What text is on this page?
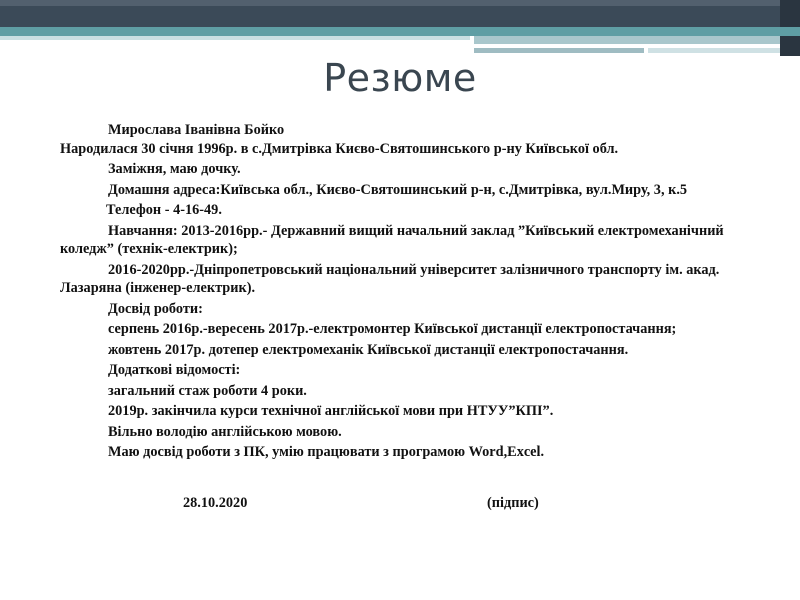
Резюме

Мирослава Іванівна Бойко

Народилася 30 січня 1996р. в с.Дмитрівка Києво-Святошинського р-ну Київської обл.

Заміжня, маю дочку.

Домашня адреса:Київська обл., Києво-Святошинський р-н, с.Дмитрівка, вул.Миру, 3, к.5

Телефон - 4-16-49.

Навчання: 2013-2016рр.- Державний вищий начальний заклад ”Київський електромеханічний коледж” (технік-електрик);

2016-2020рр.-Дніпропетровський національний університет залізничного транспорту ім. акад. Лазаряна (інженер-електрик).

Досвід роботи:

серпень 2016р.-вересень 2017р.-електромонтер Київської дистанції електропостачання;

жовтень 2017р. дотепер електромеханік Київської дистанції електропостачання.

Додаткові відомості:

загальний стаж роботи 4 роки.

2019р. закінчила курси технічної англійської мови при НТУУ”КПІ”.

Вільно володію англійською мовою.

Маю досвід роботи з ПК, умію працювати з програмою Word,Excel.

28.10.2020	(підпис)
